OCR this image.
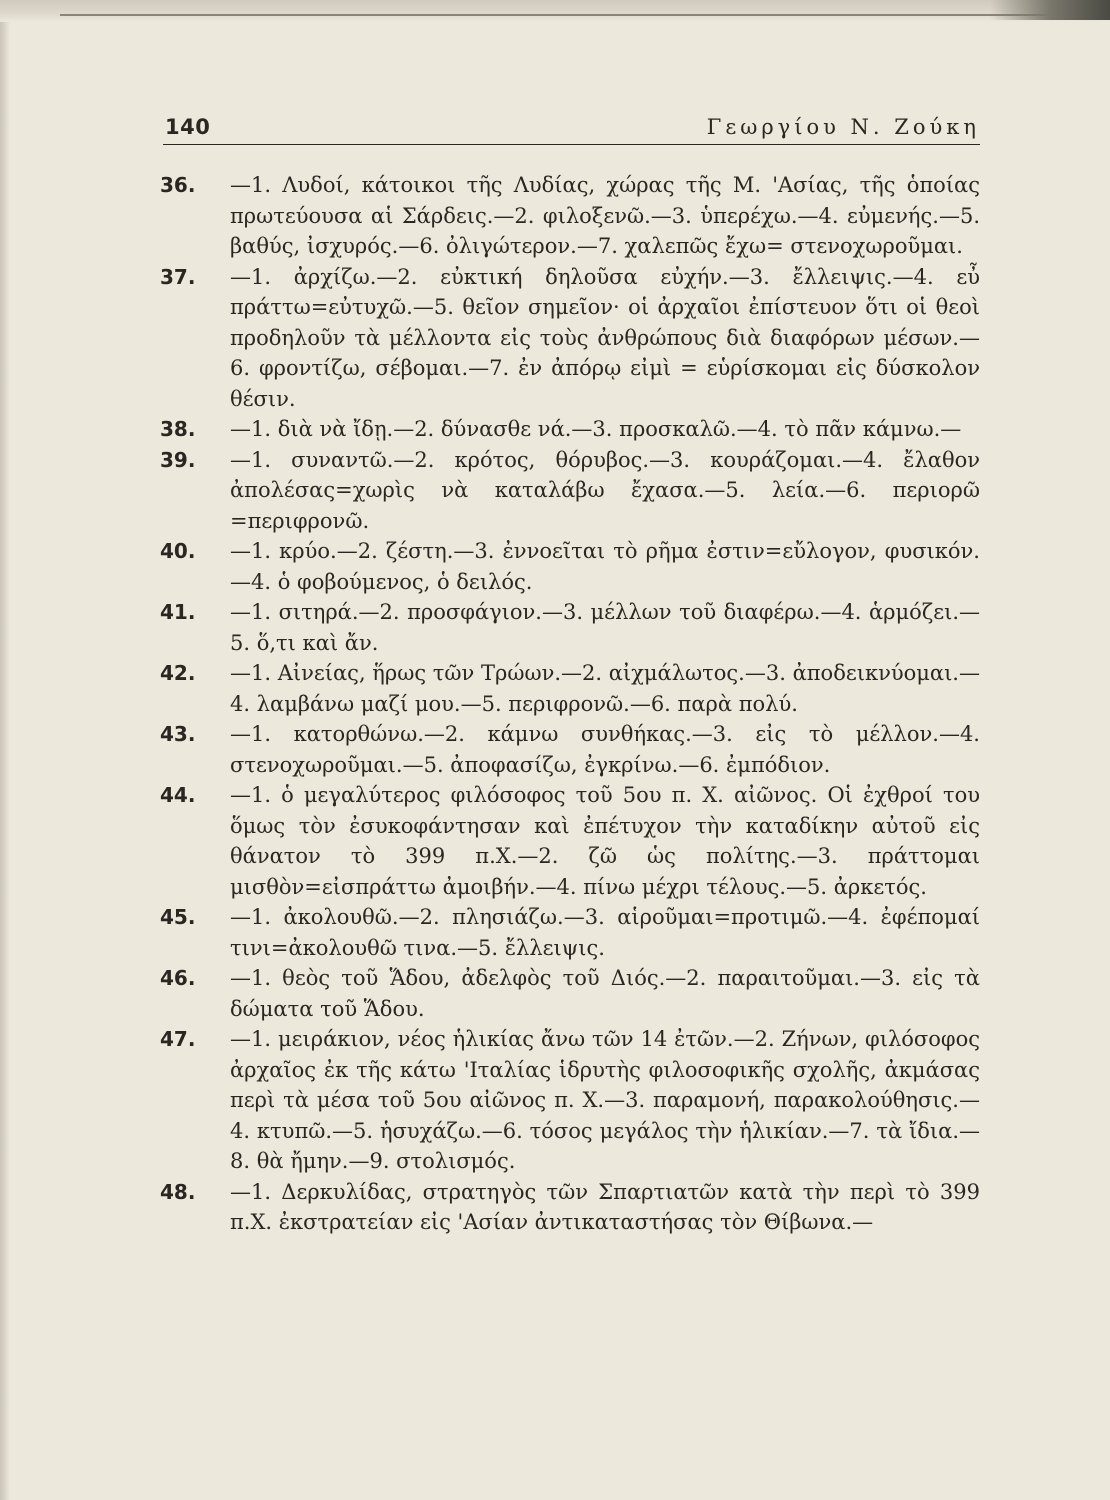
140	Γεωργίου Ν. Ζούκη
36.	—1. Λυδοί, κάτοικοι τῆς Λυδίας, χώρας τῆς Μ. 'Ασίας, τῆς ὁποίας πρωτεύουσα αἱ Σάρδεις.—2. φιλοξενῶ.—3. ὑπερέχω.—4. εὐμενής.—5. βαθύς, ἰσχυρός.—6. ὀλιγώτερον.—7. χαλεπῶς ἔχω= στενοχωροῦμαι.
37.	—1. ἀρχίζω.—2. εὐκτική δηλοῦσα εὐχήν.—3. ἔλλειψις.—4. εὖ πράττω=εὐτυχῶ.—5. θεῖον σημεῖον· οἱ ἀρχαῖοι ἐπίστευον ὅτι οἱ θεοὶ προδηλοῦν τὰ μέλλοντα εἰς τοὺς ἀνθρώπους διὰ διαφόρων μέσων.—6. φροντίζω, σέβομαι.—7. ἐν ἀπόρῳ εἰμὶ = εὑρίσκομαι εἰς δύσκολον θέσιν.
38.	—1. διὰ νὰ ἴδῃ.—2. δύνασθε νά.—3. προσκαλῶ.—4. τὸ πᾶν κάμνω.—
39.	—1. συναντῶ.—2. κρότος, θόρυβος.—3. κουράζομαι.—4. ἔλαθον ἀπολέσας=χωρὶς νὰ καταλάβω ἔχασα.—5. λεία.—6. περιορῶ =περιφρονῶ.
40.	—1. κρύο.—2. ζέστη.—3. ἐννοεῖται τὸ ρῆμα ἐστιν=εὔλογον, φυσικόν.—4. ὁ φοβούμενος, ὁ δειλός.
41.	—1. σιτηρά.—2. προσφάγιον.—3. μέλλων τοῦ διαφέρω.—4. ἁρμόζει.—5. ὅ,τι καὶ ἄν.
42.	—1. Αἰνείας, ἥρως τῶν Τρώων.—2. αἰχμάλωτος.—3. ἀποδεικνύομαι.—4. λαμβάνω μαζί μου.—5. περιφρονῶ.—6. παρὰ πολύ.
43.	—1. κατορθώνω.—2. κάμνω συνθήκας.—3. εἰς τὸ μέλλον.—4. στενοχωροῦμαι.—5. ἀποφασίζω, ἐγκρίνω.—6. ἐμπόδιον.
44.	—1. ὁ μεγαλύτερος φιλόσοφος τοῦ 5ου π. Χ. αἰῶνος. Οἱ ἐχθροί του ὅμως τὸν ἐσυκοφάντησαν καὶ ἐπέτυχον τὴν καταδίκην αὐτοῦ εἰς θάνατον τὸ 399 π.Χ.—2. ζῶ ὡς πολίτης.—3. πράττομαι μισθὸν=εἰσπράττω ἀμοιβήν.—4. πίνω μέχρι τέλους.—5. ἀρκετός.
45.	—1. ἀκολουθῶ.—2. πλησιάζω.—3. αἱροῦμαι=προτιμῶ.—4. ἐφέπομαί τινι=ἀκολουθῶ τινα.—5. ἔλλειψις.
46.	—1. θεὸς τοῦ Ἅδου, ἀδελφὸς τοῦ Διός.—2. παραιτοῦμαι.—3. εἰς τὰ δώματα τοῦ Ἅδου.
47.	—1. μειράκιον, νέος ἡλικίας ἄνω τῶν 14 ἐτῶν.—2. Ζήνων, φιλόσοφος ἀρχαῖος ἐκ τῆς κάτω 'Ιταλίας ἱδρυτὴς φιλοσοφικῆς σχολῆς, ἀκμάσας περὶ τὰ μέσα τοῦ 5ου αἰῶνος π. Χ.—3. παραμονή, παρακολούθησις.—4. κτυπῶ.—5. ἡσυχάζω.—6. τόσος μεγάλος τὴν ἡλικίαν.—7. τὰ ἴδια.—8. θὰ ἤμην.—9. στολισμός.
48.	—1. Δερκυλίδας, στρατηγὸς τῶν Σπαρτιατῶν κατὰ τὴν περὶ τὸ 399 π.Χ. ἐκστρατείαν εἰς 'Ασίαν ἀντικαταστήσας τὸν Θίβωνα.—
